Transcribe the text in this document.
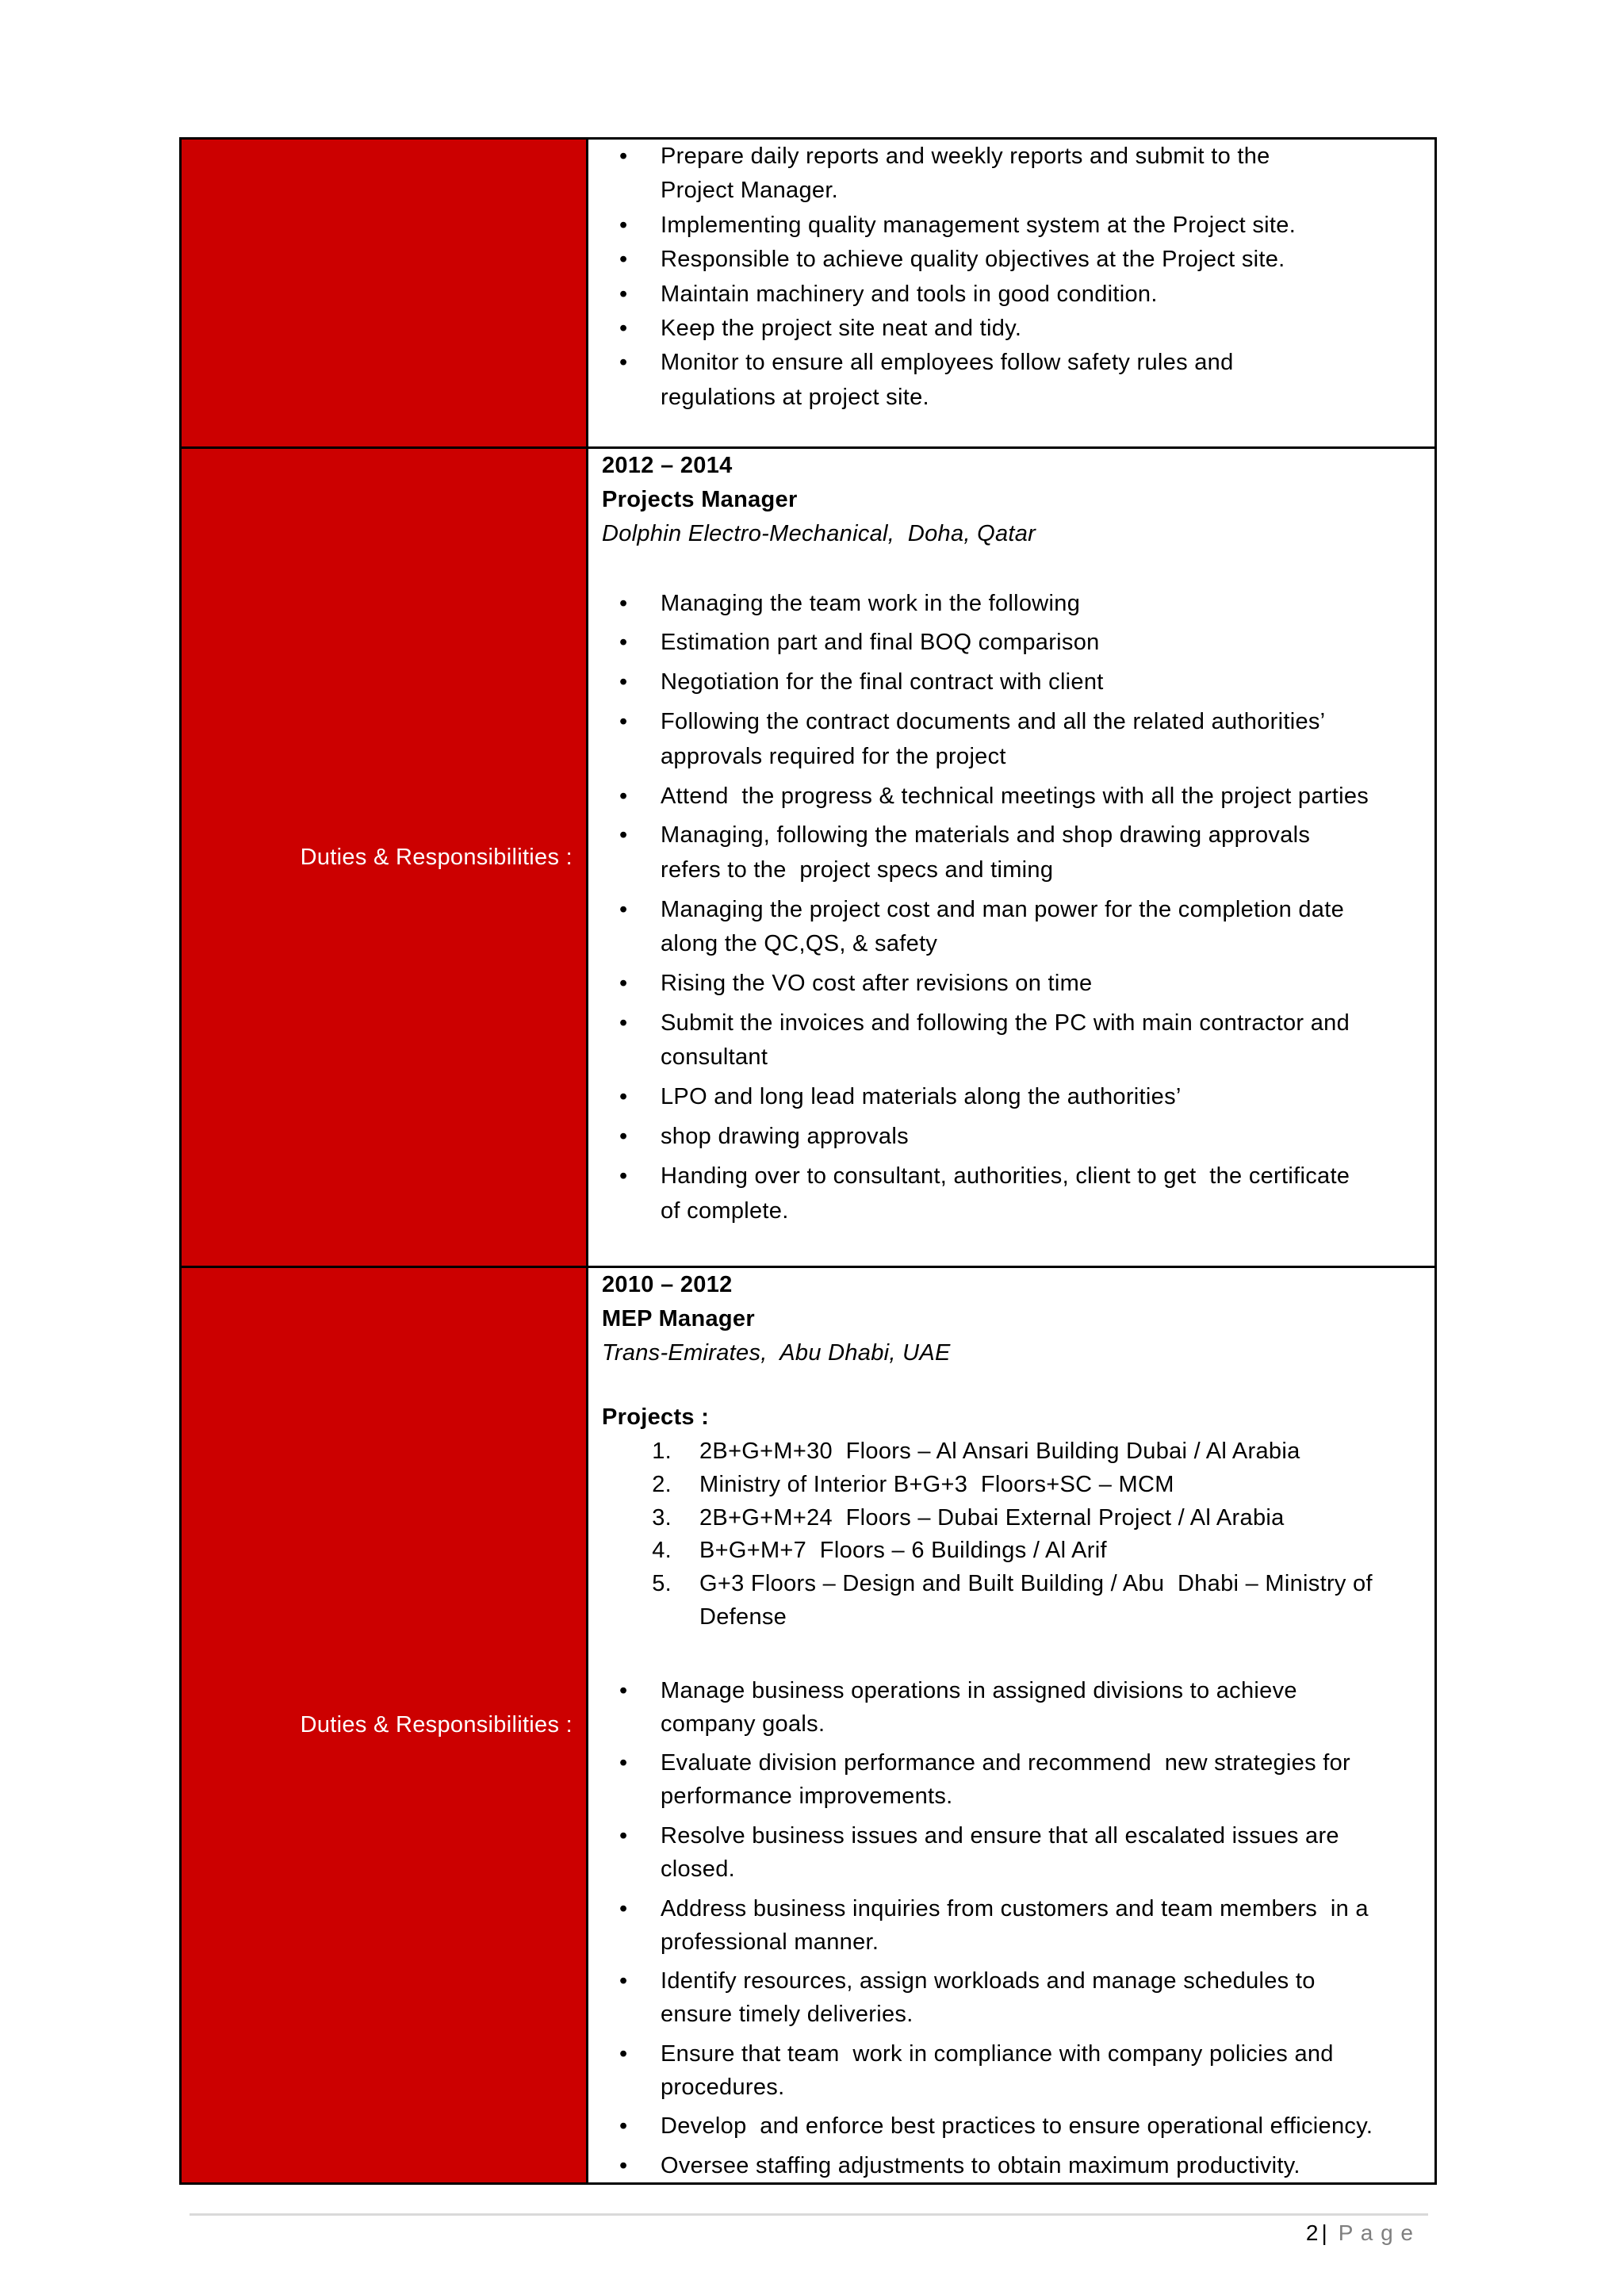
• Prepare daily reports and weekly reports and submit to the
Project Manager.
• Implementing quality management system at the Project site.
• Responsible to achieve quality objectives at the Project site.
• Maintain machinery and tools in good condition.
• Keep the project site neat and tidy.
• Monitor to ensure all employees follow safety rules and
regulations at project site.
Duties & Responsibilities :
2012 – 2014
Projects Manager
Dolphin Electro-Mechanical,  Doha, Qatar
• Managing the team work in the following
• Estimation part and final BOQ comparison
• Negotiation for the final contract with client
• Following the contract documents and all the related authorities’
approvals required for the project
• Attend  the progress & technical meetings with all the project parties
• Managing, following the materials and shop drawing approvals
refers to the  project specs and timing
• Managing the project cost and man power for the completion date
along the QC,QS, & safety
• Rising the VO cost after revisions on time
• Submit the invoices and following the PC with main contractor and
consultant
• LPO and long lead materials along the authorities’
• shop drawing approvals
• Handing over to consultant, authorities, client to get  the certificate
of complete.
Duties & Responsibilities :
2010 – 2012
MEP Manager
Trans-Emirates,  Abu Dhabi, UAE
Projects :
1. 2B+G+M+30  Floors – Al Ansari Building Dubai / Al Arabia
2. Ministry of Interior B+G+3  Floors+SC – MCM
3. 2B+G+M+24  Floors – Dubai External Project / Al Arabia
4. B+G+M+7  Floors – 6 Buildings / Al Arif
5. G+3 Floors – Design and Built Building / Abu  Dhabi – Ministry of
Defense
• Manage business operations in assigned divisions to achieve
company goals.
• Evaluate division performance and recommend  new strategies for
performance improvements.
• Resolve business issues and ensure that all escalated issues are
closed.
• Address business inquiries from customers and team members  in a
professional manner.
• Identify resources, assign workloads and manage schedules to
ensure timely deliveries.
• Ensure that team  work in compliance with company policies and
procedures.
• Develop  and enforce best practices to ensure operational efficiency.
• Oversee staffing adjustments to obtain maximum productivity.
2 | P a g e
